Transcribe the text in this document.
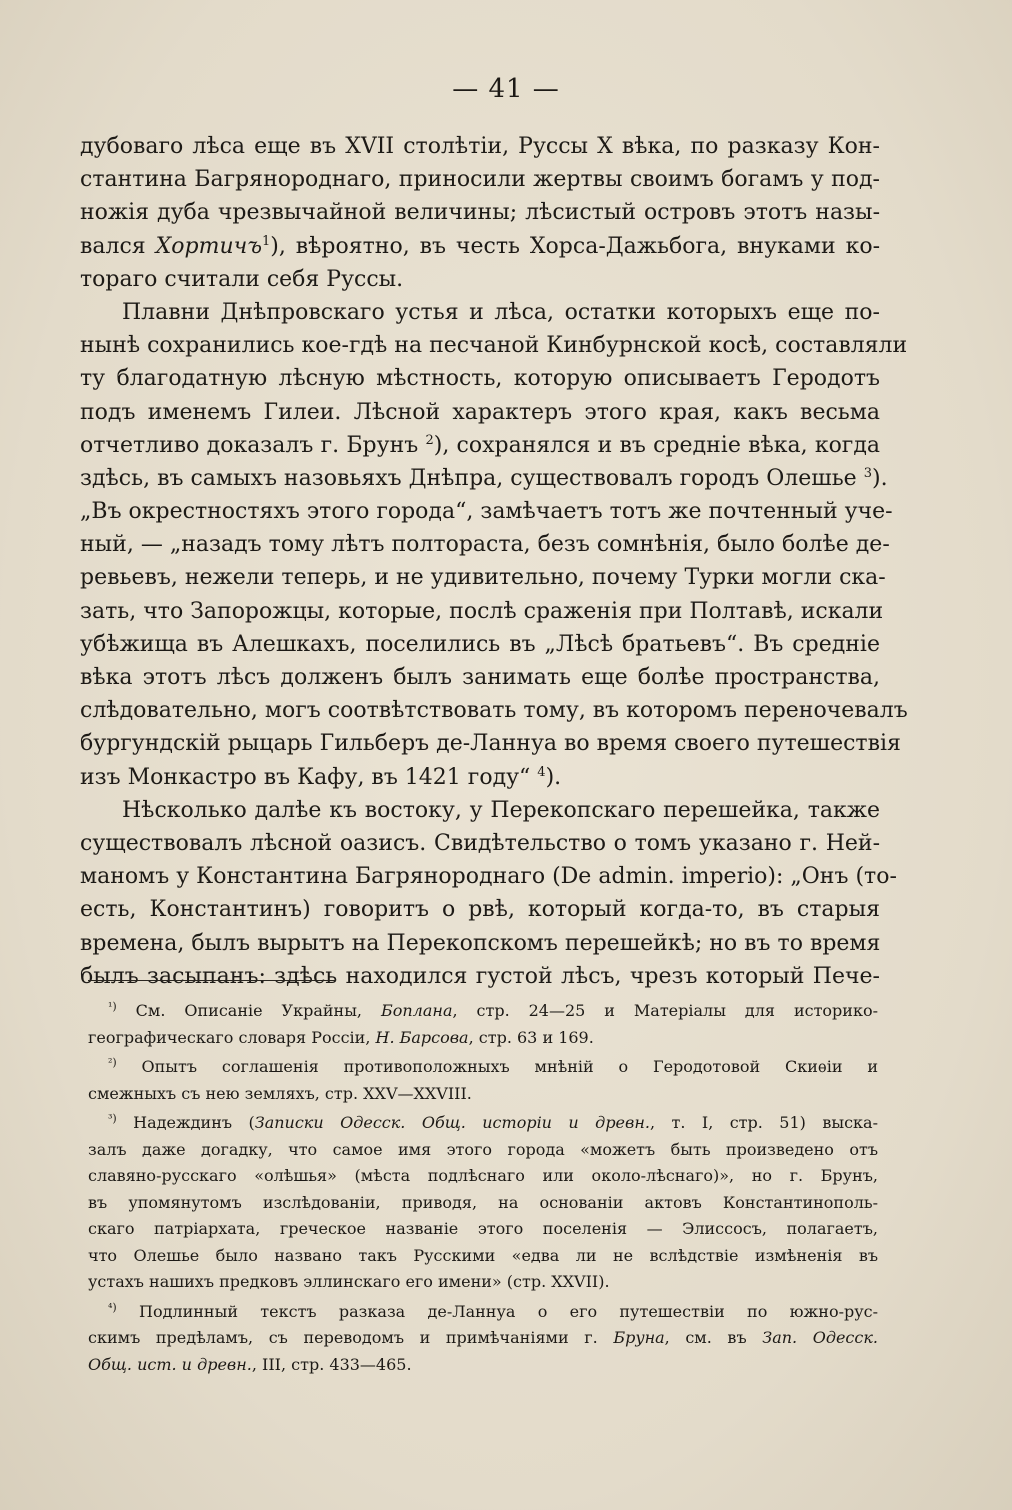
— 41 —
дубоваго лѣса еще въ XVII столѣтіи, Руссы X вѣка, по разказу Кон-
стантина Багрянороднаго, приносили жертвы своимъ богамъ у под-
ножія дуба чрезвычайной величины; лѣсистый островъ этотъ назы-
вался Хортичъ$^1$), вѣроятно, въ честь Хорса-Дажьбога, внуками ко-
тораго считали себя Руссы.
Плавни Днѣпровскаго устья и лѣса, остатки которыхъ еще по-
нынѣ сохранились кое-гдѣ на песчаной Кинбурнской косѣ, составляли
ту благодатную лѣсную мѣстность, которую описываетъ Геродотъ
подъ именемъ Гилеи. Лѣсной характеръ этого края, какъ весьма
отчетливо доказалъ г. Брунъ $^2$), сохранялся и въ средніе вѣка, когда
здѣсь, въ самыхъ назовьяхъ Днѣпра, существовалъ городъ Олешье $^3$).
„Въ окрестностяхъ этого города“, замѣчаетъ тотъ же почтенный уче-
ный, — „назадъ тому лѣтъ полтораста, безъ сомнѣнія, было болѣе де-
ревьевъ, нежели теперь, и не удивительно, почему Турки могли ска-
зать, что Запорожцы, которые, послѣ сраженія при Полтавѣ, искали
убѣжища въ Алешкахъ, поселились въ „Лѣсѣ братьевъ“. Въ средніе
вѣка этотъ лѣсъ долженъ былъ занимать еще болѣе пространства,
слѣдовательно, могъ соотвѣтствовать тому, въ которомъ переночевалъ
бургундскій рыцарь Гильберъ де-Ланнуа во время своего путешествія
изъ Монкастро въ Кафу, въ 1421 году“ $^4$).
Нѣсколько далѣе къ востоку, у Перекопскаго перешейка, также
существовалъ лѣсной оазисъ. Свидѣтельство о томъ указано г. Ней-
маномъ у Константина Багрянороднаго (De admin. imperio): „Онъ (то-
есть, Константинъ) говоритъ о рвѣ, который когда-то, въ старыя
времена, былъ вырытъ на Перекопскомъ перешейкѣ; но въ то время
былъ засыпанъ: здѣсь находился густой лѣсъ, чрезъ который Пече-
$^{^1)}$ См. Описаніе Украйны, Боплана, стр. 24—25 и Матеріалы для историко-
географическаго словаря Россіи, Н. Барсова, стр. 63 и 169.
$^{^2)}$ Опытъ соглашенія противоположныхъ мнѣній о Геродотовой Скиѳіи и
смежныхъ съ нею земляхъ, стр. XXV—XXVIII.
$^{^3)}$ Надеждинъ (Записки Одесск. Общ. исторіи и древн., т. I, стр. 51) выска-
залъ даже догадку, что самое имя этого города «можетъ быть произведено отъ
славяно-русскаго «олѣшья» (мѣста подлѣснаго или около-лѣснаго)», но г. Брунъ,
въ упомянутомъ изслѣдованіи, приводя, на основаніи актовъ Константинополь-
скаго патріархата, греческое названіе этого поселенія — Элиссосъ, полагаетъ,
что Олешье было названо такъ Русскими «едва ли не вслѣдствіе измѣненія въ
устахъ нашихъ предковъ эллинскаго его имени» (стр. XXVII).
$^{^4)}$ Подлинный текстъ разказа де-Ланнуа о его путешествіи по южно-рус-
скимъ предѣламъ, съ переводомъ и примѣчаніями г. Бруна, см. въ Зап. Одесск.
Общ. ист. и древн., III, стр. 433—465.
